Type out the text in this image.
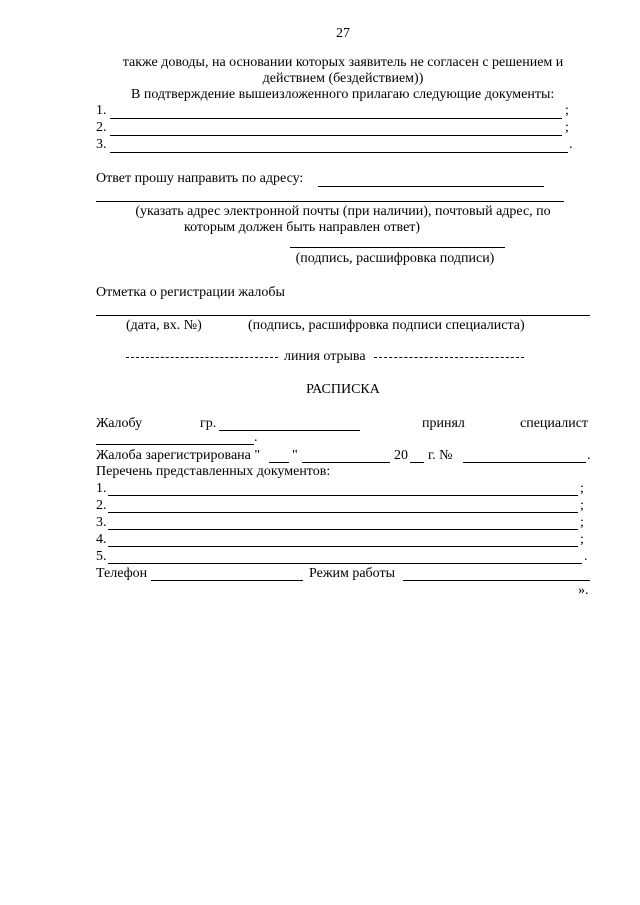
27
также доводы, на основании которых заявитель не согласен с решением и
действием (бездействием))
В подтверждение вышеизложенного прилагаю следующие документы:
1.	;
2.	;
3.	.
Ответ прошу направить по адресу:
(указать адрес электронной почты (при наличии), почтовый адрес, по
которым должен быть направлен ответ)
(подпись, расшифровка подписи)
Отметка о регистрации жалобы
(дата, вх. №)	(подпись, расшифровка подписи специалиста)
линия отрыва
РАСПИСКА
Жалобу	гр.	принял	специалист
.
Жалоба зарегистрирована " "	20 г. №	.
Перечень представленных документов:
1.	;
2.	;
3.	;
4.	;
5.	.
Телефон	Режим работы
».
